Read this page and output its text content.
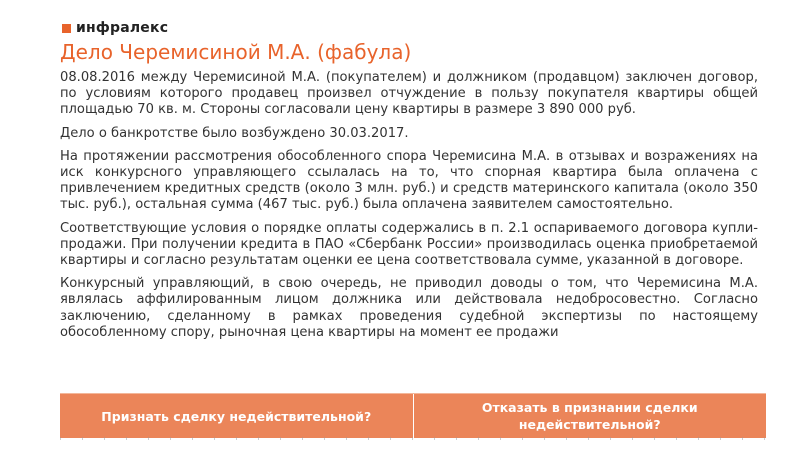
инфралекс
Дело Черемисиной М.А. (фабула)

08.08.2016 между Черемисиной М.А. (покупателем) и должником (продавцом) заключен договор, по условиям которого продавец произвел отчуждение в пользу покупателя квартиры общей площадью 70 кв. м. Стороны согласовали цену квартиры в размере 3 890 000 руб.

Дело о банкротстве было возбуждено 30.03.2017.

На протяжении рассмотрения обособленного спора Черемисина М.А. в отзывах и возражениях на иск конкурсного управляющего ссылалась на то, что спорная квартира была оплачена с привлечением кредитных средств (около 3 млн. руб.) и средств материнского капитала (около 350 тыс. руб.), остальная сумма (467 тыс. руб.) была оплачена заявителем самостоятельно.

Соответствующие условия о порядке оплаты содержались в п. 2.1 оспариваемого договора купли-продажи. При получении кредита в ПАО «Сбербанк России» производилась оценка приобретаемой квартиры и согласно результатам оценки ее цена соответствовала сумме, указанной в договоре.

Конкурсный управляющий, в свою очередь, не приводил доводы о том, что Черемисина М.А. являлась аффилированным лицом должника или действовала недобросовестно. Согласно заключению, сделанному в рамках проведения судебной экспертизы по настоящему обособленному спору, рыночная цена квартиры на момент ее продажи

Признать сделку недействительной?
Отказать в признании сделки недействительной?
